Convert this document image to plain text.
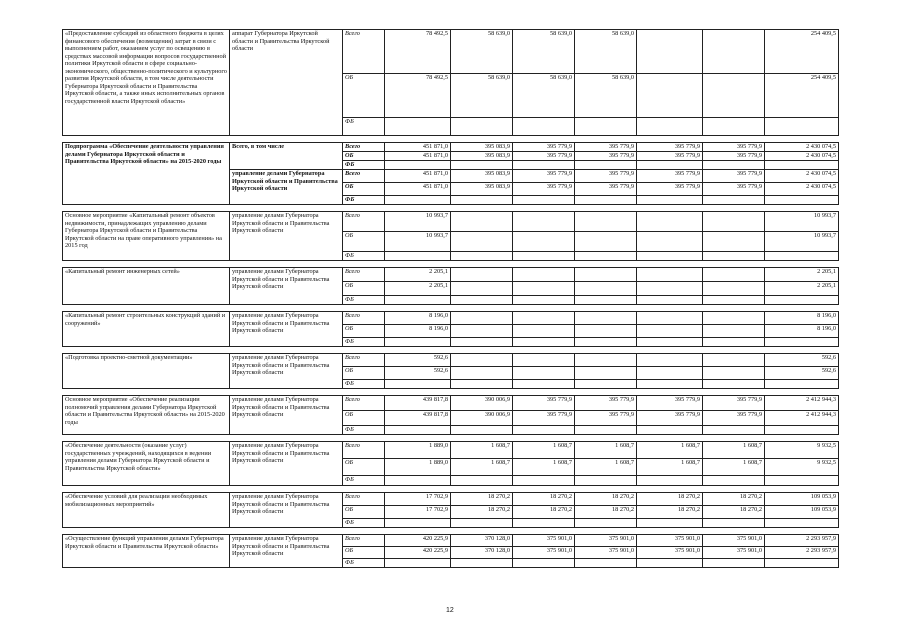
«Предоставление субсидий из областного бюджета в целях финансового обеспечения (возмещения) затрат в связи с выполнением работ, оказанием услуг по освещению в средствах массовой информации вопросов государственной политики Иркутской области в сфере социально-экономического, общественно-политического и культурного развития Иркутской области, в том числе деятельности Губернатора Иркутской области и Правительства Иркутской области, а также иных исполнительных органов государственной власти Иркутской области»	аппарат Губернатора Иркутской области и Правительства Иркутской области	Всего	78 492,5	58 639,0	58 639,0	58 639,0			254 409,5
		ОБ	78 492,5	58 639,0	58 639,0	58 639,0			254 409,5
		ФБ							

Подпрограмма «Обеспечение деятельности управления делами Губернатора Иркутской области и Правительства Иркутской области» на 2015-2020 годы	Всего, в том числе	Всего	451 871,0	395 083,9	395 779,9	395 779,9	395 779,9	395 779,9	2 430 074,5
		ОБ	451 871,0	395 083,9	395 779,9	395 779,9	395 779,9	395 779,9	2 430 074,5
		ФБ							
	управление делами Губернатора Иркутской области и Правительства Иркутской области	Всего	451 871,0	395 083,9	395 779,9	395 779,9	395 779,9	395 779,9	2 430 074,5
		ОБ	451 871,0	395 083,9	395 779,9	395 779,9	395 779,9	395 779,9	2 430 074,5
		ФБ							

Основное мероприятие «Капитальный ремонт объектов недвижимости, принадлежащих управлению делами Губернатора Иркутской области и Правительства Иркутской области на праве оперативного управления» на 2015 год	управление делами Губернатора Иркутской области и Правительства Иркутской области	Всего	10 993,7						10 993,7
		ОБ	10 993,7						10 993,7
		ФБ							

«Капитальный ремонт инженерных сетей»	управление делами Губернатора Иркутской области и Правительства Иркутской области	Всего	2 205,1						2 205,1
		ОБ	2 205,1						2 205,1
		ФБ							

«Капитальный ремонт строительных конструкций зданий и сооружений»	управление делами Губернатора Иркутской области и Правительства Иркутской области	Всего	8 196,0						8 196,0
		ОБ	8 196,0						8 196,0
		ФБ							

«Подготовка проектно-сметной документации»	управление делами Губернатора Иркутской области и Правительства Иркутской области	Всего	592,6						592,6
		ОБ	592,6						592,6
		ФБ							

Основное мероприятие «Обеспечение реализации полномочий управления делами Губернатора Иркутской области и Правительства Иркутской области» на 2015-2020 годы	управление делами Губернатора Иркутской области и Правительства Иркутской области	Всего	439 817,8	390 006,9	395 779,9	395 779,9	395 779,9	395 779,9	2 412 944,3
		ОБ	439 817,8	390 006,9	395 779,9	395 779,9	395 779,9	395 779,9	2 412 944,3
		ФБ							

«Обеспечение деятельности (оказание услуг) государственных учреждений, находящихся в ведении управления делами Губернатора Иркутской области и Правительства Иркутской области»	управление делами Губернатора Иркутской области и Правительства Иркутской области	Всего	1 889,0	1 608,7	1 608,7	1 608,7	1 608,7	1 608,7	9 932,5
		ОБ	1 889,0	1 608,7	1 608,7	1 608,7	1 608,7	1 608,7	9 932,5
		ФБ							

«Обеспечение условий для реализации необходимых мобилизационных мероприятий»	управление делами Губернатора Иркутской области и Правительства Иркутской области	Всего	17 702,9	18 270,2	18 270,2	18 270,2	18 270,2	18 270,2	109 053,9
		ОБ	17 702,9	18 270,2	18 270,2	18 270,2	18 270,2	18 270,2	109 053,9
		ФБ							

«Осуществление функций управления делами Губернатора Иркутской области и Правительства Иркутской области»	управление делами Губернатора Иркутской области и Правительства Иркутской области	Всего	420 225,9	370 128,0	375 901,0	375 901,0	375 901,0	375 901,0	2 293 957,9
		ОБ	420 225,9	370 128,0	375 901,0	375 901,0	375 901,0	375 901,0	2 293 957,9
		ФБ							
12
